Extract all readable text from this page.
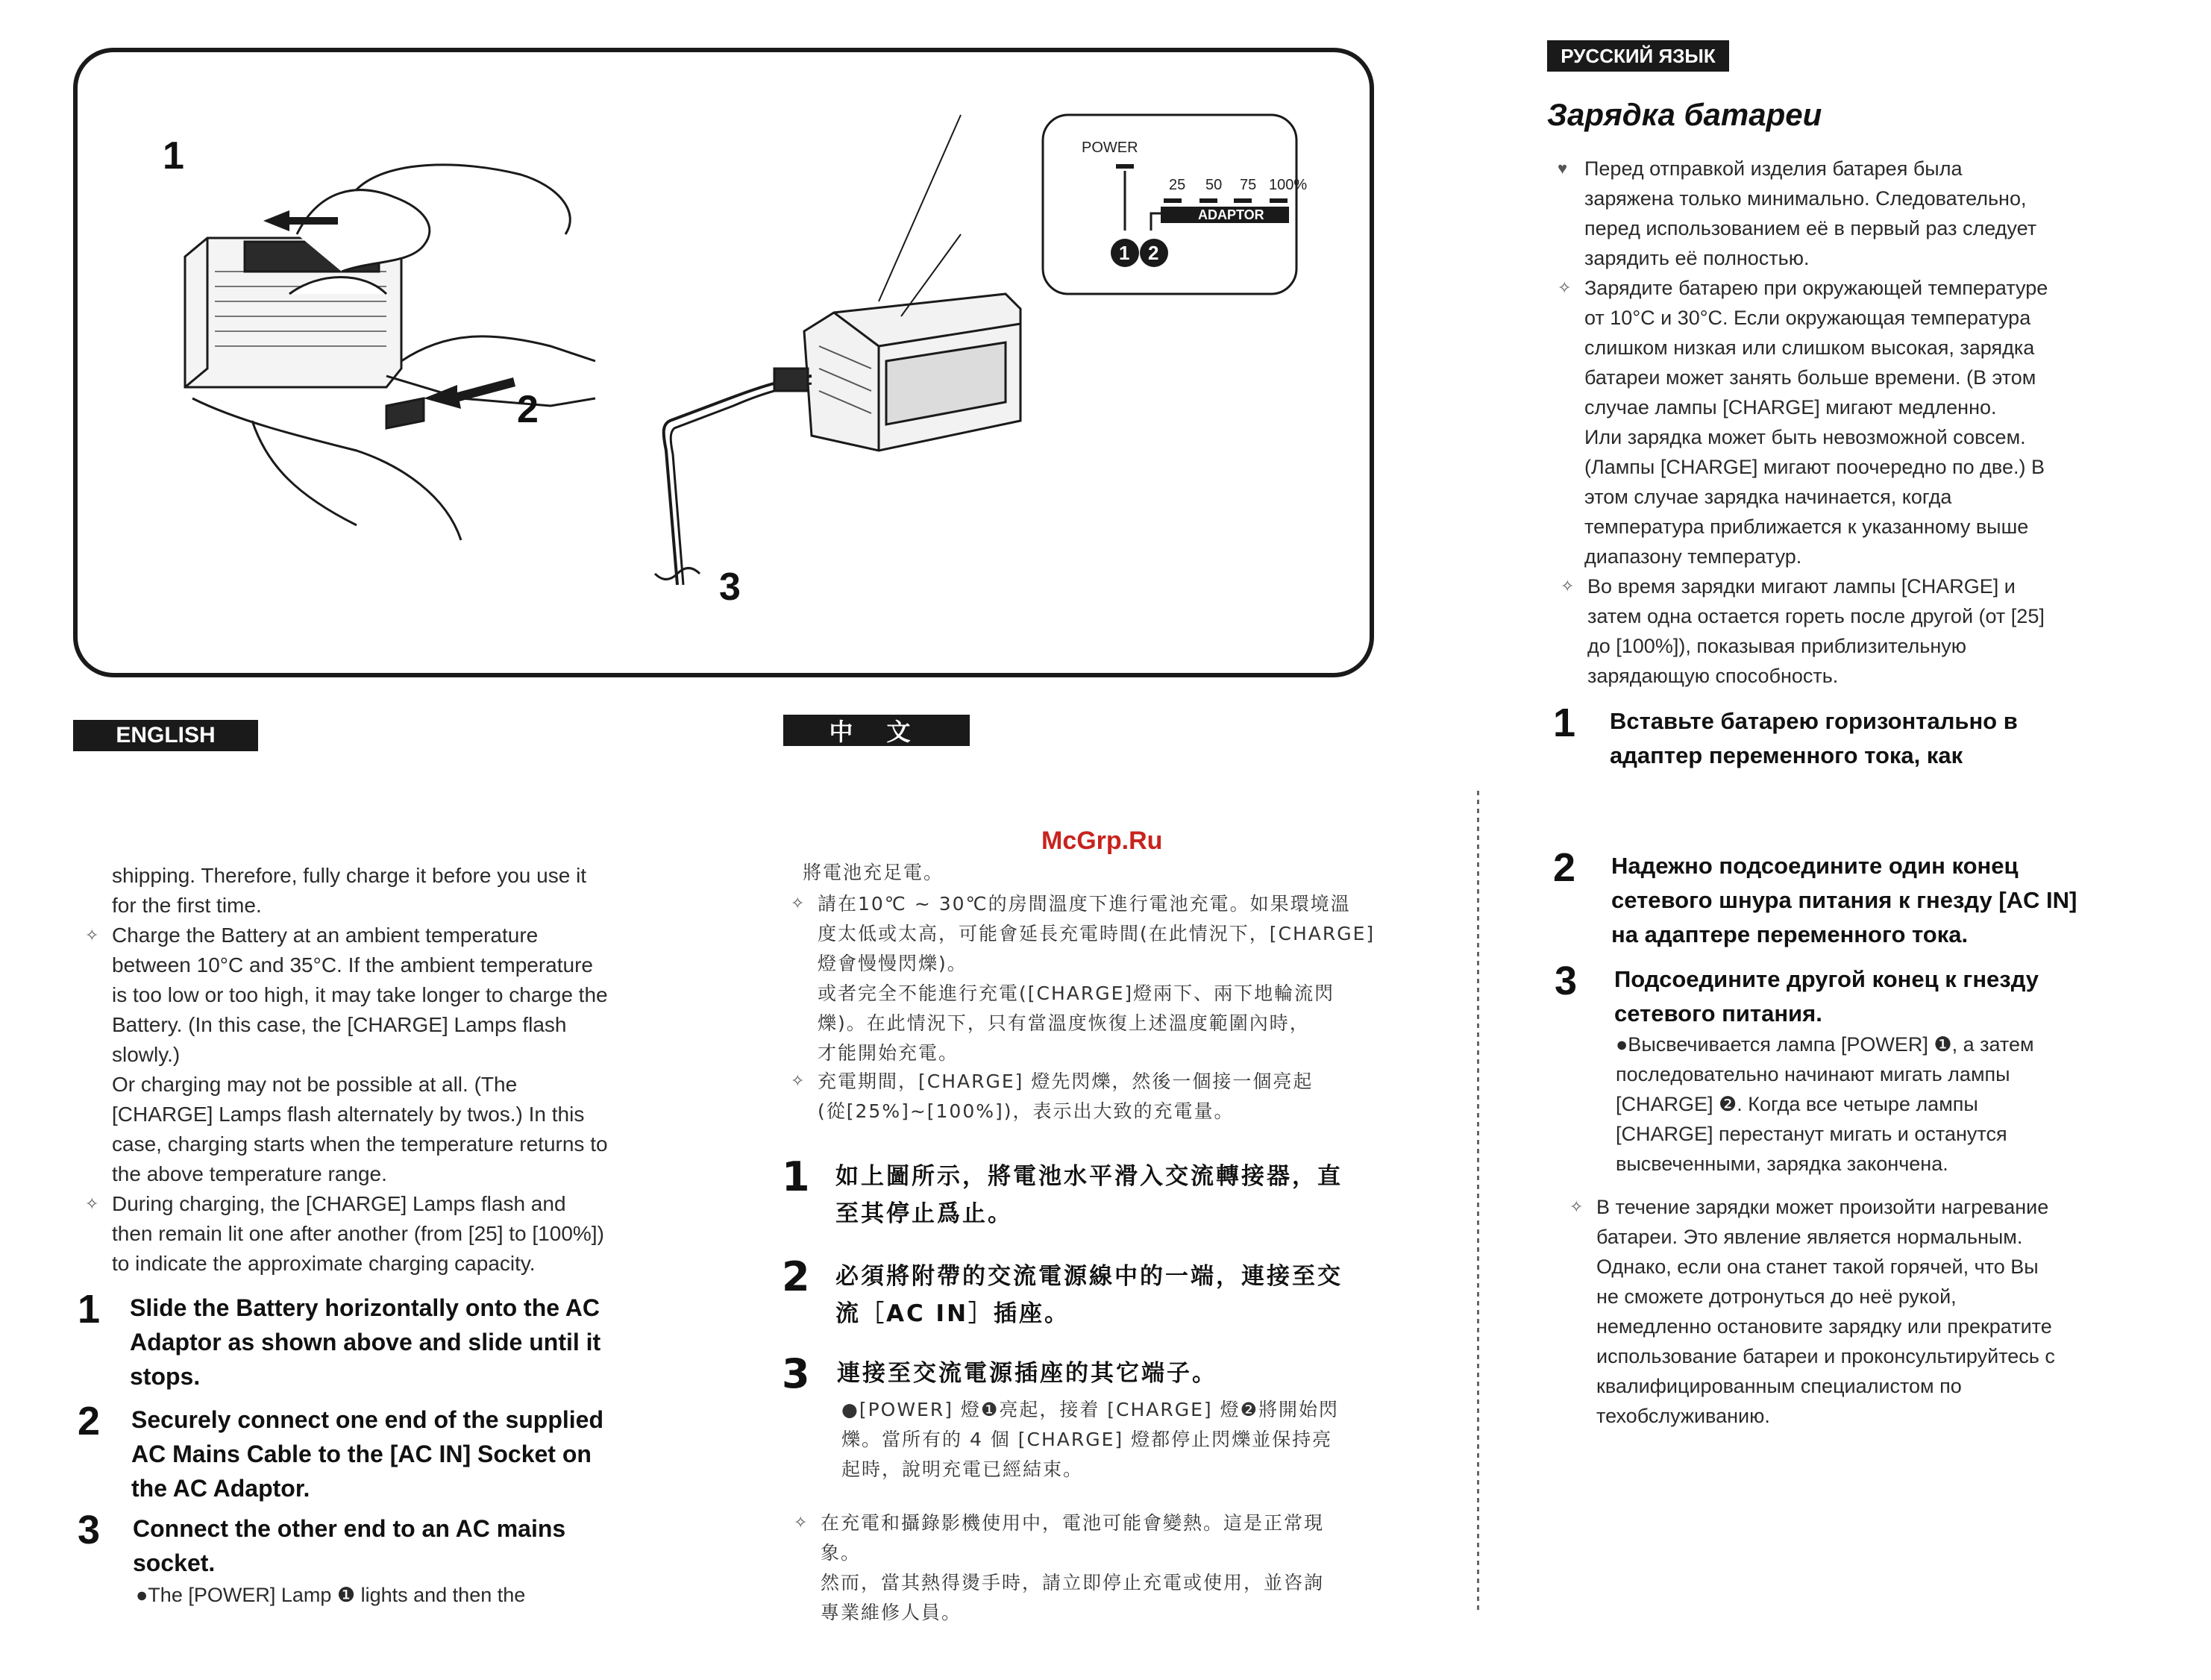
1
2
3
POWER
25 50 75 100%
ADAPTOR
1 2
McGrp.Ru
ENGLISH
shipping. Therefore, fully charge it before you use it
for the first time.
✧ Charge the Battery at an ambient temperature
between 10°C and 35°C. If the ambient temperature
is too low or too high, it may take longer to charge the
Battery. (In this case, the [CHARGE] Lamps flash
slowly.)
Or charging may not be possible at all. (The
[CHARGE] Lamps flash alternately by twos.) In this
case, charging starts when the temperature returns to
the above temperature range.
✧ During charging, the [CHARGE] Lamps flash and
then remain lit one after another (from [25] to [100%])
to indicate the approximate charging capacity.
1 Slide the Battery horizontally onto the AC
Adaptor as shown above and slide until it
stops.
2 Securely connect one end of the supplied
AC Mains Cable to the [AC IN] Socket on
the AC Adaptor.
3 Connect the other end to an AC mains
socket.
●The [POWER] Lamp ❶ lights and then the
中 文
將電池充足電。
✧ 請在10℃ ~ 30℃的房間溫度下進行電池充電。如果環境溫
度太低或太高，可能會延長充電時間(在此情況下，[CHARGE]
燈會慢慢閃爍)。
或者完全不能進行充電([CHARGE]燈兩下、兩下地輪流閃
爍)。在此情況下，只有當溫度恢復上述溫度範圍內時，
才能開始充電。
✧ 充電期間，[CHARGE] 燈先閃爍，然後一個接一個亮起
(從[25%]~[100%])，表示出大致的充電量。
1 如上圖所示，將電池水平滑入交流轉接器，直
至其停止爲止。
2 必須將附帶的交流電源線中的一端，連接至交
流［AC IN］插座。
3 連接至交流電源插座的其它端子。
●[POWER] 燈❶亮起，接着 [CHARGE] 燈❷將開始閃
爍。當所有的 4 個 [CHARGE] 燈都停止閃爍並保持亮
起時，說明充電已經結束。
✧ 在充電和攝錄影機使用中，電池可能會變熱。這是正常現
象。
然而，當其熱得燙手時，請立即停止充電或使用，並咨詢
專業維修人員。
РУССКИЙ ЯЗЫК
Зарядка батареи
♥ Перед отправкой изделия батарея была
заряжена только минимально. Следовательно,
перед использованием её в первый раз следует
зарядить её полностью.
✧ Зарядите батарею при окружающей температуре
от 10°C и 30°C. Если окружающая температура
слишком низкая или слишком высокая, зарядка
батареи может занять больше времени. (В этом
случае лампы [CHARGE] мигают медленно.
Или зарядка может быть невозможной совсем.
(Лампы [CHARGE] мигают поочередно по две.) В
этом случае зарядка начинается, когда
температура приближается к указанному выше
диапазону температур.
✧ Во время зарядки мигают лампы [CHARGE] и
затем одна остается гореть после другой (от [25]
до [100%]), показывая приблизительную
зарядающую способность.
1 Вставьте батарею горизонтально в
адаптер переменного тока, как
2 Надежно подсоедините один конец
сетевого шнура питания к гнезду [AC IN]
на адаптере переменного тока.
3 Подсоедините другой конец к гнезду
сетевого питания.
●Высвечивается лампа [POWER] ❶, а затем
последовательно начинают мигать лампы
[CHARGE] ❷. Когда все четыре лампы
[CHARGE] перестанут мигать и останутся
высвеченными, зарядка закончена.
✧ В течение зарядки может произойти нагревание
батареи. Это явление является нормальным.
Однако, если она станет такой горячей, что Вы
не сможете дотронуться до неё рукой,
немедленно остановите зарядку или прекратите
использование батареи и проконсультируйтесь с
квалифицированным специалистом по
техобслуживанию.
